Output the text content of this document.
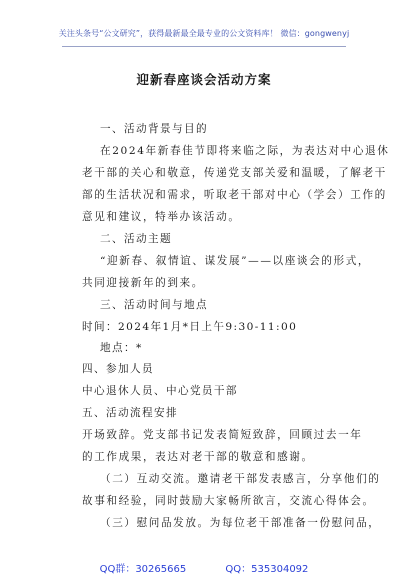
关注头条号“公文研究”，获得最新最全最专业的公文资料库！ 微信：gongwenyj
迎新春座谈会活动方案
一、活动背景与目的
在2024年新春佳节即将来临之际，为表达对中心退休
老干部的关心和敬意，传递党支部关爱和温暖，了解老干
部的生活状况和需求，听取老干部对中心（学会）工作的
意见和建议，特举办该活动。
二、活动主题
“迎新春、叙情谊、谋发展”——以座谈会的形式，
共同迎接新年的到来。
三、活动时间与地点
时间：2024年1月*日上午9:30-11:00
地点：*
四、参加人员
中心退休人员、中心党员干部
五、活动流程安排
开场致辞。党支部书记发表简短致辞，回顾过去一年
的工作成果，表达对老干部的敬意和感谢。
（二）互动交流。邀请老干部发表感言，分享他们的
故事和经验，同时鼓励大家畅所欲言，交流心得体会。
（三）慰问品发放。为每位老干部准备一份慰问品，
QQ群：30265665	QQ：535304092
